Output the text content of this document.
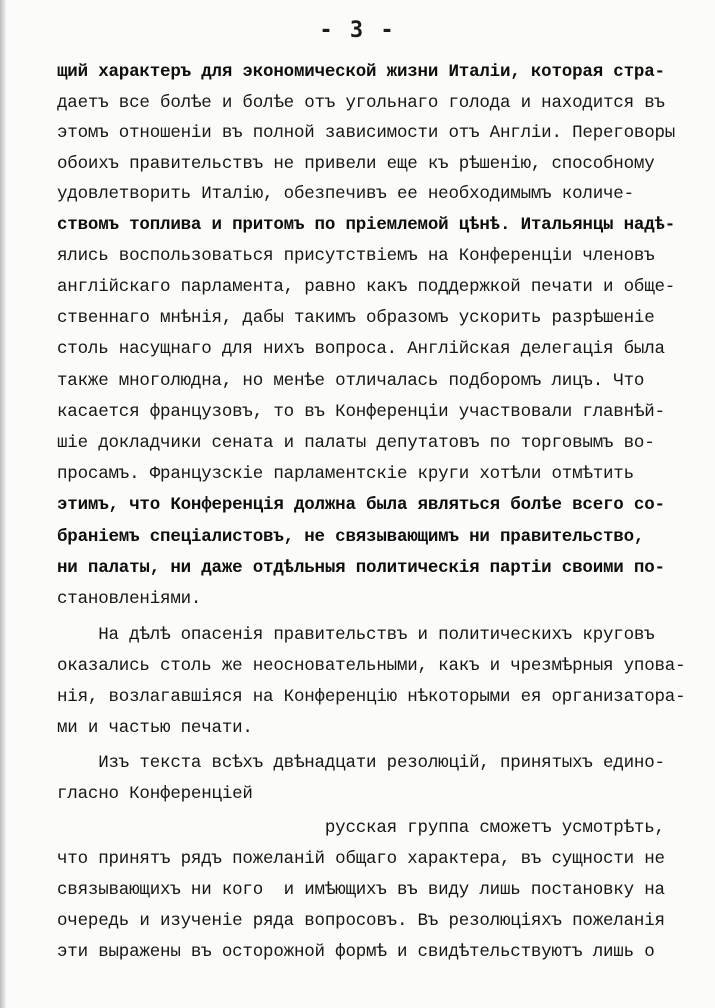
- 3 -
щий характеръ для экономической жизни Италіи, которая стра-
даетъ все болѣе и болѣе отъ угольнаго голода и находится въ
этомъ отношеніи въ полной зависимости отъ Англіи. Переговоры
обоихъ правительствъ не привели еще къ рѣшенію, способному
удовлетворить Италію, обезпечивъ ее необходимымъ количе-
ствомъ топлива и притомъ по пріемлемой цѣнѣ. Итальянцы надѣ-
ялись воспользоваться присутствіемъ на Конференціи членовъ
англійскаго парламента, равно какъ поддержкой печати и обще-
ственнаго мнѣнія, дабы такимъ образомъ ускорить разрѣшеніе
столь насущнаго для нихъ вопроса. Англійская делегація была
также многолюдна, но менѣе отличалась подборомъ лицъ. Что
касается французовъ, то въ Конференціи участвовали главнѣй-
шіе докладчики сената и палаты депутатовъ по торговымъ во-
просамъ. Французскіе парламентскіе круги хотѣли отмѣтить
этимъ, что Конференція должна была являться болѣе всего со-
браніемъ спеціалистовъ, не связывающимъ ни правительство,
ни палаты, ни даже отдѣльныя политическія партіи своими по-
становленіями.
На дѣлѣ опасенія правительствъ и политическихъ круговъ
оказались столь же неосновательными, какъ и чрезмѣрныя упова-
нія, возлагавшіяся на Конференцію нѣкоторыми ея организатора-
ми и частью печати.
Изъ текста всѣхъ двѣнадцати резолюцій, принятыхъ едино-
гласно Конференціей
русская группа сможетъ усмотрѣть,
что принятъ рядъ пожеланій общаго характера, въ сущности не
связывающихъ ни кого  и имѣющихъ въ виду лишь постановку на
очередь и изученіе ряда вопросовъ. Въ резолюціяхъ пожеланія
эти выражены въ осторожной формѣ и свидѣтельствуютъ лишь о
